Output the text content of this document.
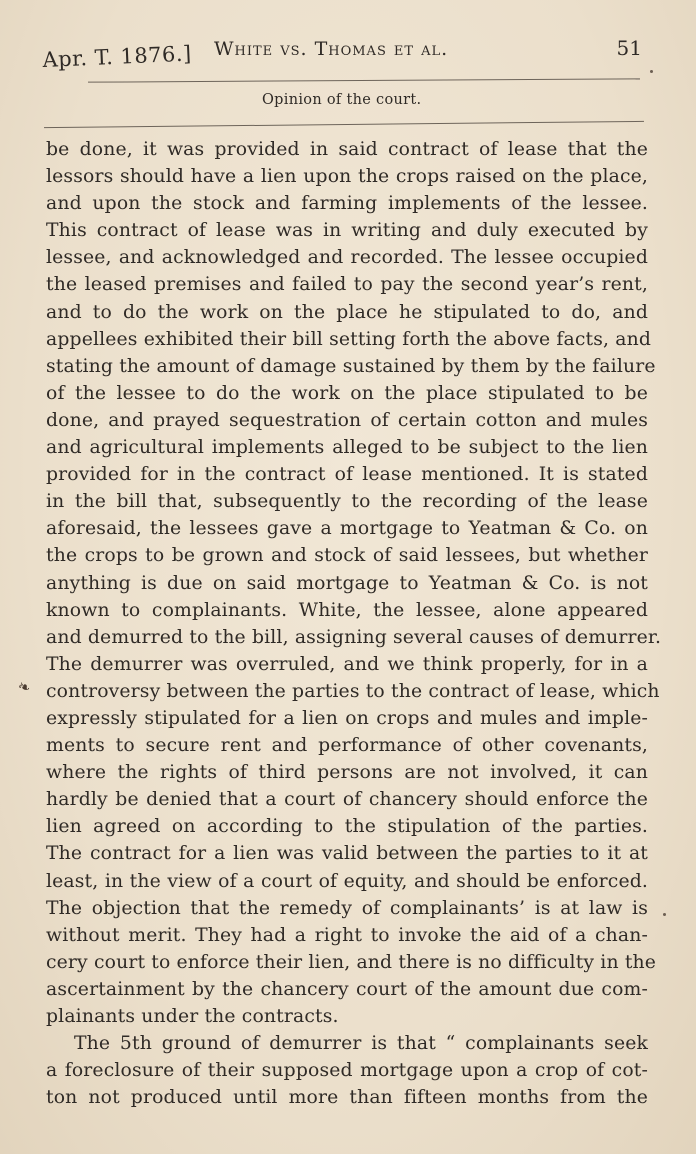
Apr. T. 1876.] White vs. Thomas et al.	51
Opinion of the court.
❧
be done, it was provided in said contract of lease that the
lessors should have a lien upon the crops raised on the place,
and upon the stock and farming implements of the lessee.
This contract of lease was in writing and duly executed by
lessee, and acknowledged and recorded. The lessee occupied
the leased premises and failed to pay the second year’s rent,
and to do the work on the place he stipulated to do, and
appellees exhibited their bill setting forth the above facts, and
stating the amount of damage sustained by them by the failure
of the lessee to do the work on the place stipulated to be
done, and prayed sequestration of certain cotton and mules
and agricultural implements alleged to be subject to the lien
provided for in the contract of lease mentioned. It is stated
in the bill that, subsequently to the recording of the lease
aforesaid, the lessees gave a mortgage to Yeatman & Co. on
the crops to be grown and stock of said lessees, but whether
anything is due on said mortgage to Yeatman & Co. is not
known to complainants. White, the lessee, alone appeared
and demurred to the bill, assigning several causes of demurrer.
The demurrer was overruled, and we think properly, for in a
controversy between the parties to the contract of lease, which
expressly stipulated for a lien on crops and mules and imple-
ments to secure rent and performance of other covenants,
where the rights of third persons are not involved, it can
hardly be denied that a court of chancery should enforce the
lien agreed on according to the stipulation of the parties.
The contract for a lien was valid between the parties to it at
least, in the view of a court of equity, and should be enforced.
The objection that the remedy of complainants’ is at law is
without merit. They had a right to invoke the aid of a chan-
cery court to enforce their lien, and there is no difficulty in the
ascertainment by the chancery court of the amount due com-
plainants under the contracts.
The 5th ground of demurrer is that “ complainants seek
a foreclosure of their supposed mortgage upon a crop of cot-
ton not produced until more than fifteen months from the
